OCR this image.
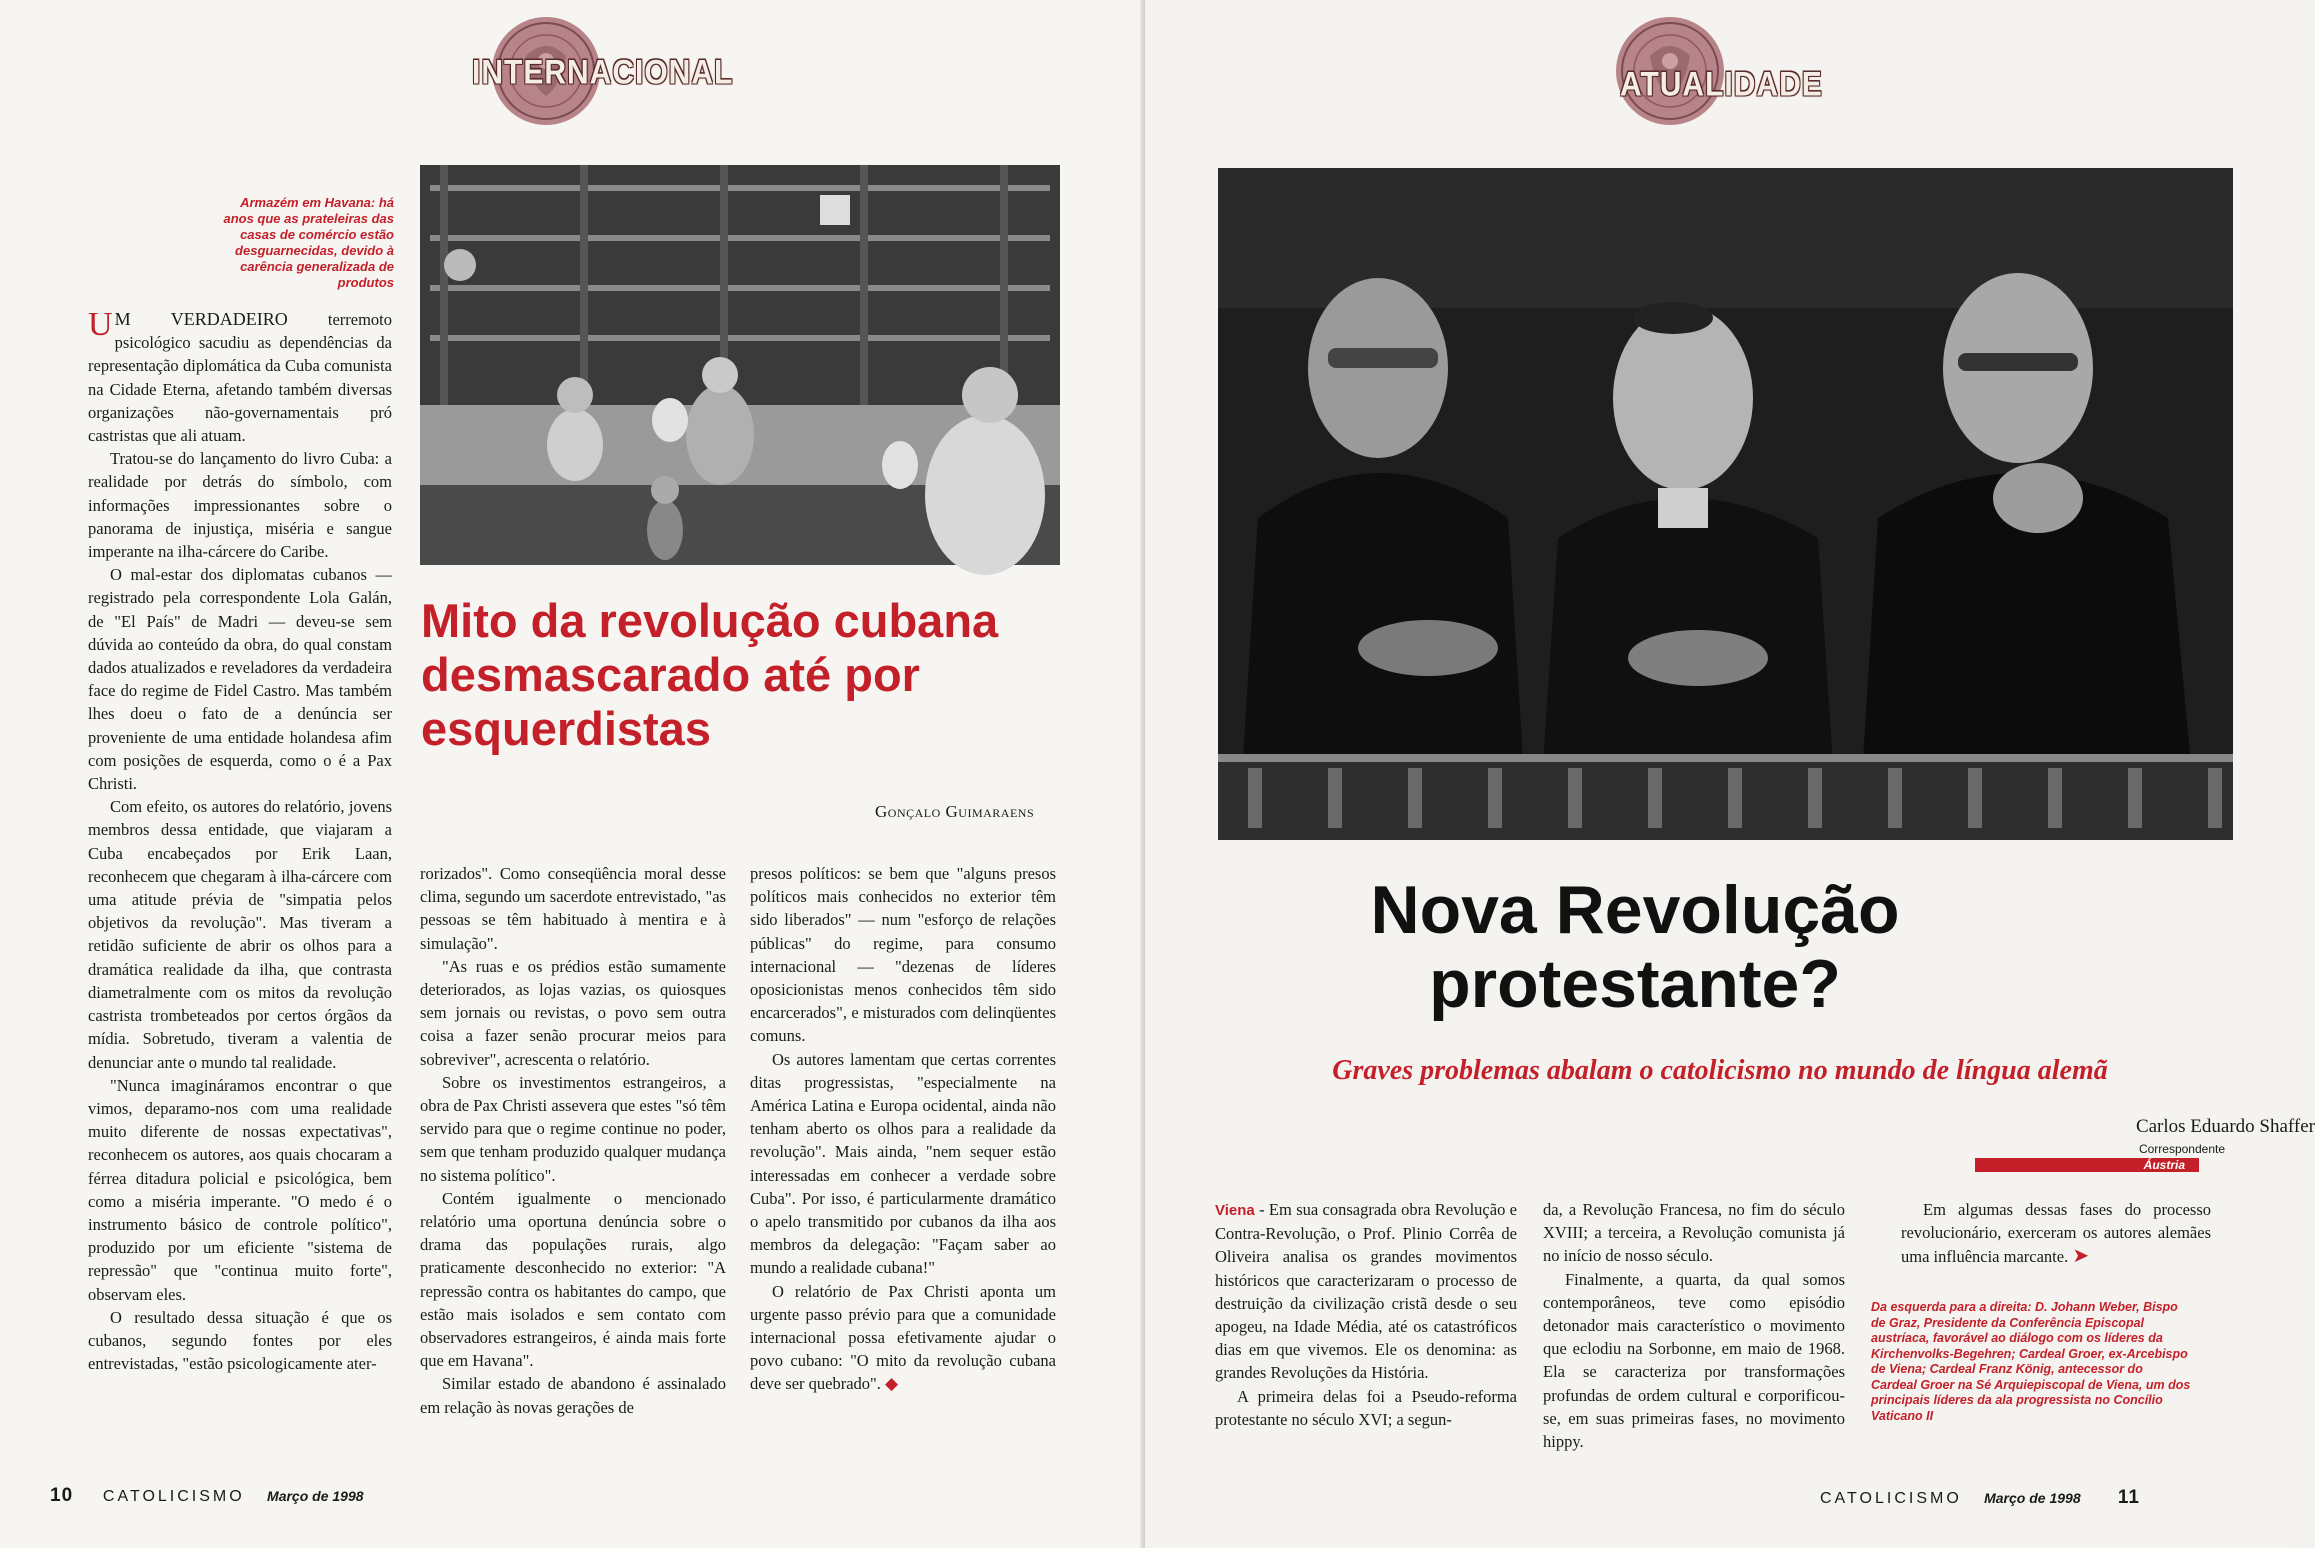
INTERNACIONAL
Armazém em Havana: há anos que as prateleiras das casas de comércio estão desguarnecidas, devido à carência generalizada de produtos
Mito da revolução cubana desmascarado até por esquerdistas
Gonçalo Guimaraens

U M VERDADEIRO terremoto psicológico sacudiu as dependências da representação diplomática da Cuba comunista na Cidade Eterna, afetando também diversas organizações não-governamentais pró castristas que ali atuam.

Tratou-se do lançamento do livro Cuba: a realidade por detrás do símbolo, com informações impressionantes sobre o panorama de injustiça, miséria e sangue imperante na ilha-cárcere do Caribe.

O mal-estar dos diplomatas cubanos — registrado pela correspondente Lola Galán, de "El País" de Madri — deveu-se sem dúvida ao conteúdo da obra, do qual constam dados atualizados e reveladores da verdadeira face do regime de Fidel Castro. Mas também lhes doeu o fato de a denúncia ser proveniente de uma entidade holandesa afim com posições de esquerda, como o é a Pax Christi.

Com efeito, os autores do relatório, jovens membros dessa entidade, que viajaram a Cuba encabeçados por Erik Laan, reconhecem que chegaram à ilha-cárcere com uma atitude prévia de "simpatia pelos objetivos da revolução". Mas tiveram a retidão suficiente de abrir os olhos para a dramática realidade da ilha, que contrasta diametralmente com os mitos da revolução castrista trombeteados por certos órgãos da mídia. Sobretudo, tiveram a valentia de denunciar ante o mundo tal realidade.

"Nunca imagináramos encontrar o que vimos, deparamo-nos com uma realidade muito diferente de nossas expectativas", reconhecem os autores, aos quais chocaram a férrea ditadura policial e psicológica, bem como a miséria imperante. "O medo é o instrumento básico de controle político", produzido por um eficiente "sistema de repressão" que "continua muito forte", observam eles.

O resultado dessa situação é que os cubanos, segundo fontes por eles entrevistadas, "estão psicologicamente ater-

rorizados". Como conseqüência moral desse clima, segundo um sacerdote entrevistado, "as pessoas se têm habituado à mentira e à simulação".

"As ruas e os prédios estão sumamente deteriorados, as lojas vazias, os quiosques sem jornais ou revistas, o povo sem outra coisa a fazer senão procurar meios para sobreviver", acrescenta o relatório.

Sobre os investimentos estrangeiros, a obra de Pax Christi assevera que estes "só têm servido para que o regime continue no poder, sem que tenham produzido qualquer mudança no sistema político".

Contém igualmente o mencionado relatório uma oportuna denúncia sobre o drama das populações rurais, algo praticamente desconhecido no exterior: "A repressão contra os habitantes do campo, que estão mais isolados e sem contato com observadores estrangeiros, é ainda mais forte que em Havana".

Similar estado de abandono é assinalado em relação às novas gerações de

presos políticos: se bem que "alguns presos políticos mais conhecidos no exterior têm sido liberados" — num "esforço de relações públicas" do regime, para consumo internacional — "dezenas de líderes oposicionistas menos conhecidos têm sido encarcerados", e misturados com delinqüentes comuns.

Os autores lamentam que certas correntes ditas progressistas, "especialmente na América Latina e Europa ocidental, ainda não tenham aberto os olhos para a realidade da revolução". Mais ainda, "nem sequer estão interessadas em conhecer a verdade sobre Cuba". Por isso, é particularmente dramático o apelo transmitido por cubanos da ilha aos membros da delegação: "Façam saber ao mundo a realidade cubana!"

O relatório de Pax Christi aponta um urgente passo prévio para que a comunidade internacional possa efetivamente ajudar o povo cubano: "O mito da revolução cubana deve ser quebrado". ◆

10 CATOLICISMO Março de 1998
ATUALIDADE
Nova Revolução protestante?
Graves problemas abalam o catolicismo no mundo de língua alemã
Carlos Eduardo Shaffer
Correspondente
Áustria

Viena - Em sua consagrada obra Revolução e Contra-Revolução, o Prof. Plinio Corrêa de Oliveira analisa os grandes movimentos históricos que caracterizaram o processo de destruição da civilização cristã desde o seu apogeu, na Idade Média, até os catastróficos dias em que vivemos. Ele os denomina: as grandes Revoluções da História.

A primeira delas foi a Pseudo-reforma protestante no século XVI; a segun-

da, a Revolução Francesa, no fim do século XVIII; a terceira, a Revolução comunista já no início de nosso século.

Finalmente, a quarta, da qual somos contemporâneos, teve como episódio detonador mais característico o movimento que eclodiu na Sorbonne, em maio de 1968. Ela se caracteriza por transformações profundas de ordem cultural e corporificou-se, em suas primeiras fases, no movimento hippy.

Em algumas dessas fases do processo revolucionário, exerceram os autores alemães uma influência marcante. ➤

Da esquerda para a direita: D. Johann Weber, Bispo de Graz, Presidente da Conferência Episcopal austríaca, favorável ao diálogo com os líderes da Kirchenvolks-Begehren; Cardeal Groer, ex-Arcebispo de Viena; Cardeal Franz König, antecessor do Cardeal Groer na Sé Arquiepiscopal de Viena, um dos principais líderes da ala progressista no Concílio Vaticano II
CATOLICISMO Março de 1998 11
